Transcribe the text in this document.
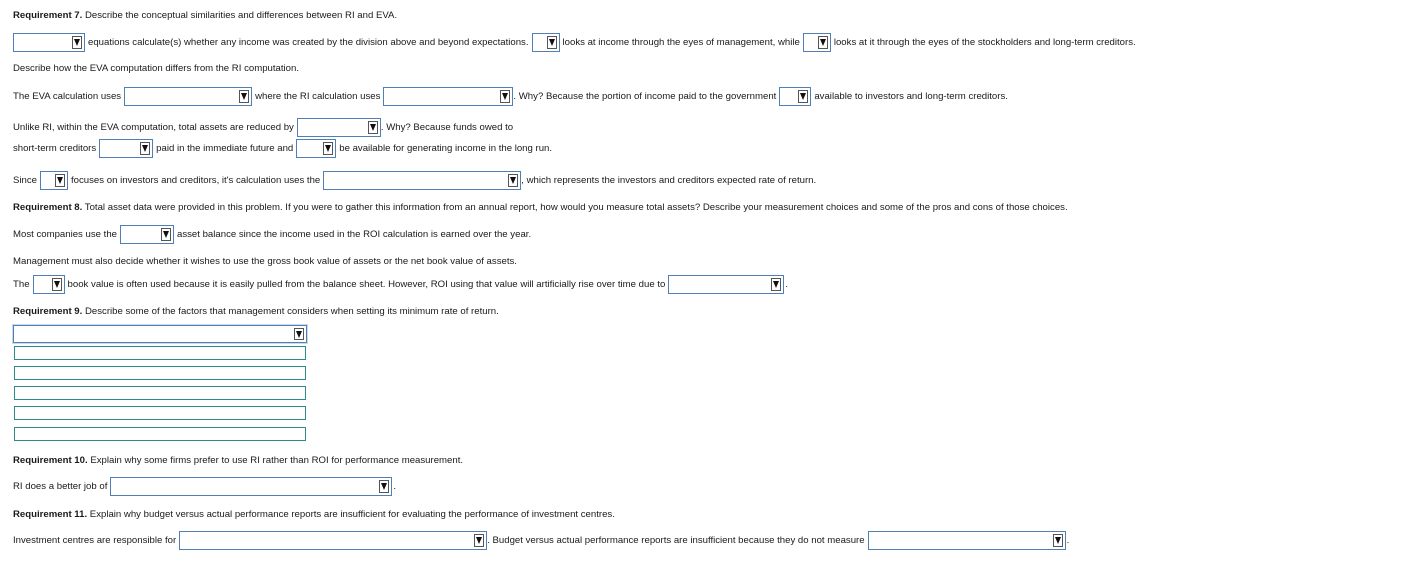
Requirement 7. Describe the conceptual similarities and differences between RI and EVA.
equations calculate(s) whether any income was created by the division above and beyond expectations.	looks at income through the eyes of management, while	looks at it through the eyes of the stockholders and long-term creditors.
Describe how the EVA computation differs from the RI computation.
The EVA calculation uses	where the RI calculation uses	. Why? Because the portion of income paid to the government	available to investors and long-term creditors.
Unlike RI, within the EVA computation, total assets are reduced by	. Why? Because funds owed to
short-term creditors	paid in the immediate future and	be available for generating income in the long run.
Since	focuses on investors and creditors, it's calculation uses the	, which represents the investors and creditors expected rate of return.
Requirement 8. Total asset data were provided in this problem. If you were to gather this information from an annual report, how would you measure total assets? Describe your measurement choices and some of the pros and cons of those choices.
Most companies use the	asset balance since the income used in the ROI calculation is earned over the year.
Management must also decide whether it wishes to use the gross book value of assets or the net book value of assets.
The	book value is often used because it is easily pulled from the balance sheet. However, ROI using that value will artificially rise over time due to	.
Requirement 9. Describe some of the factors that management considers when setting its minimum rate of return.
Requirement 10. Explain why some firms prefer to use RI rather than ROI for performance measurement.
RI does a better job of	.
Requirement 11. Explain why budget versus actual performance reports are insufficient for evaluating the performance of investment centres.
Investment centres are responsible for	. Budget versus actual performance reports are insufficient because they do not measure	.
